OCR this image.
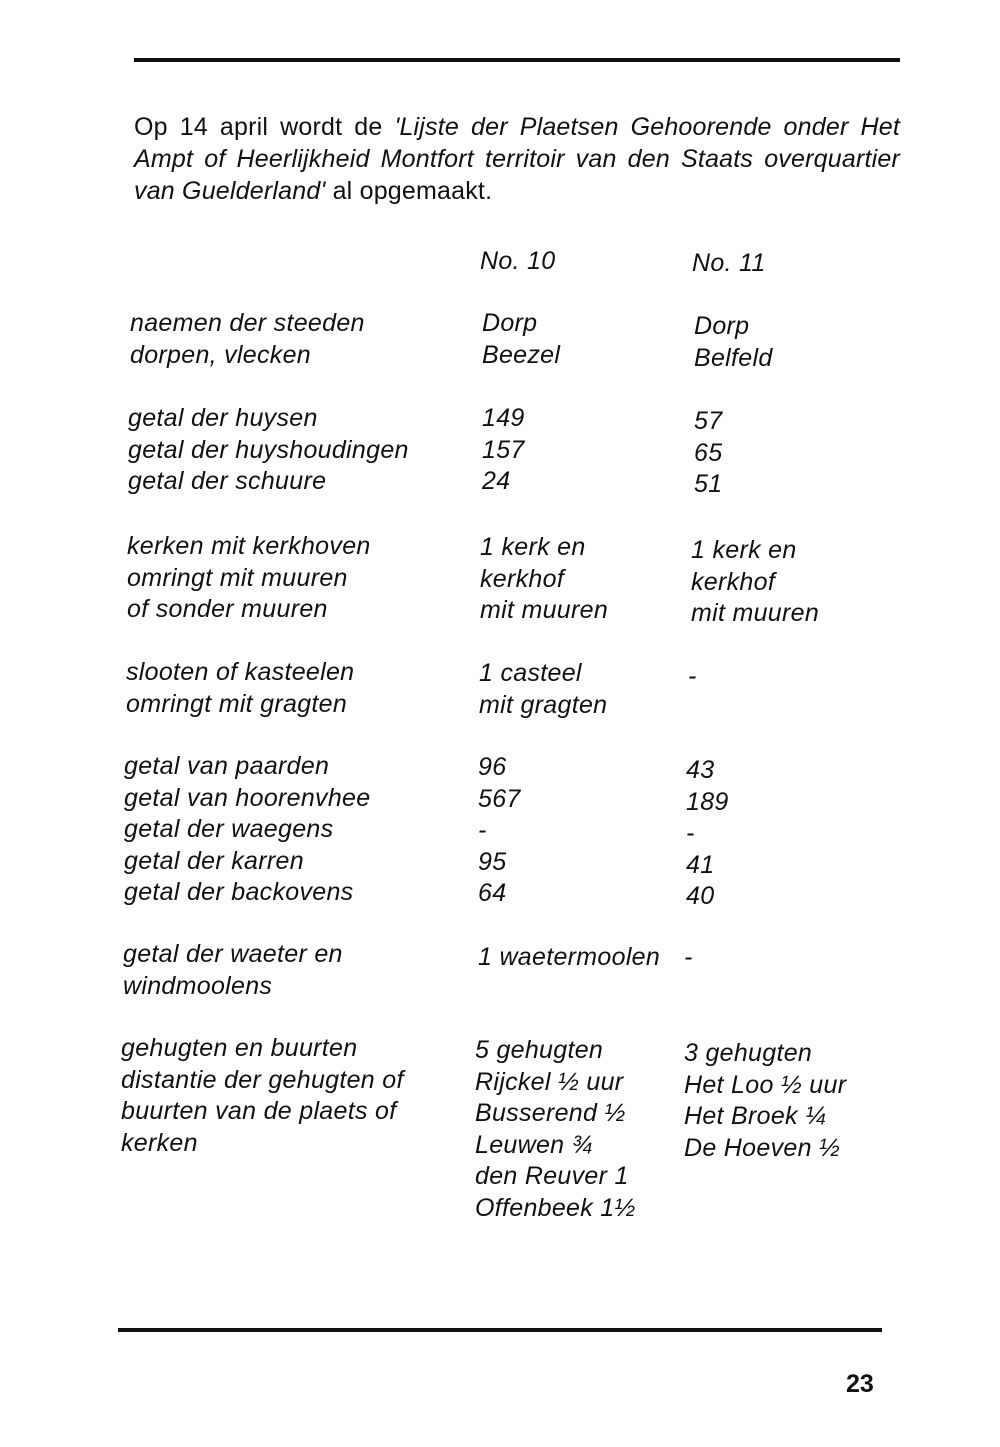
Op 14 april wordt de 'Lijste der Plaetsen Gehoorende onder Het Ampt of Heerlijkheid Montfort territoir van den Staats overquartier van Guelderland' al opgemaakt.

No. 10	No. 11
naemen der steeden
dorpen, vlecken
Dorp
Beezel
Dorp
Belfeld
getal der huysen
getal der huyshoudingen
getal der schuure
149
157
24
57
65
51
kerken mit kerkhoven
omringt mit muuren
of sonder muuren
1 kerk en
kerkhof
mit muuren
1 kerk en
kerkhof
mit muuren
slooten of kasteelen
omringt mit gragten
1 casteel
mit gragten
-
getal van paarden
getal van hoorenvhee
getal der waegens
getal der karren
getal der backovens
96
567
-
95
64
43
189
-
41
40
getal der waeter en
windmoolens
1 waetermoolen -
gehugten en buurten
distantie der gehugten of
buurten van de plaets of
kerken
5 gehugten
Rijckel ½ uur
Busserend ½
Leuwen ¾
den Reuver 1
Offenbeek 1½
3 gehugten
Het Loo ½ uur
Het Broek ¼
De Hoeven ½
23
